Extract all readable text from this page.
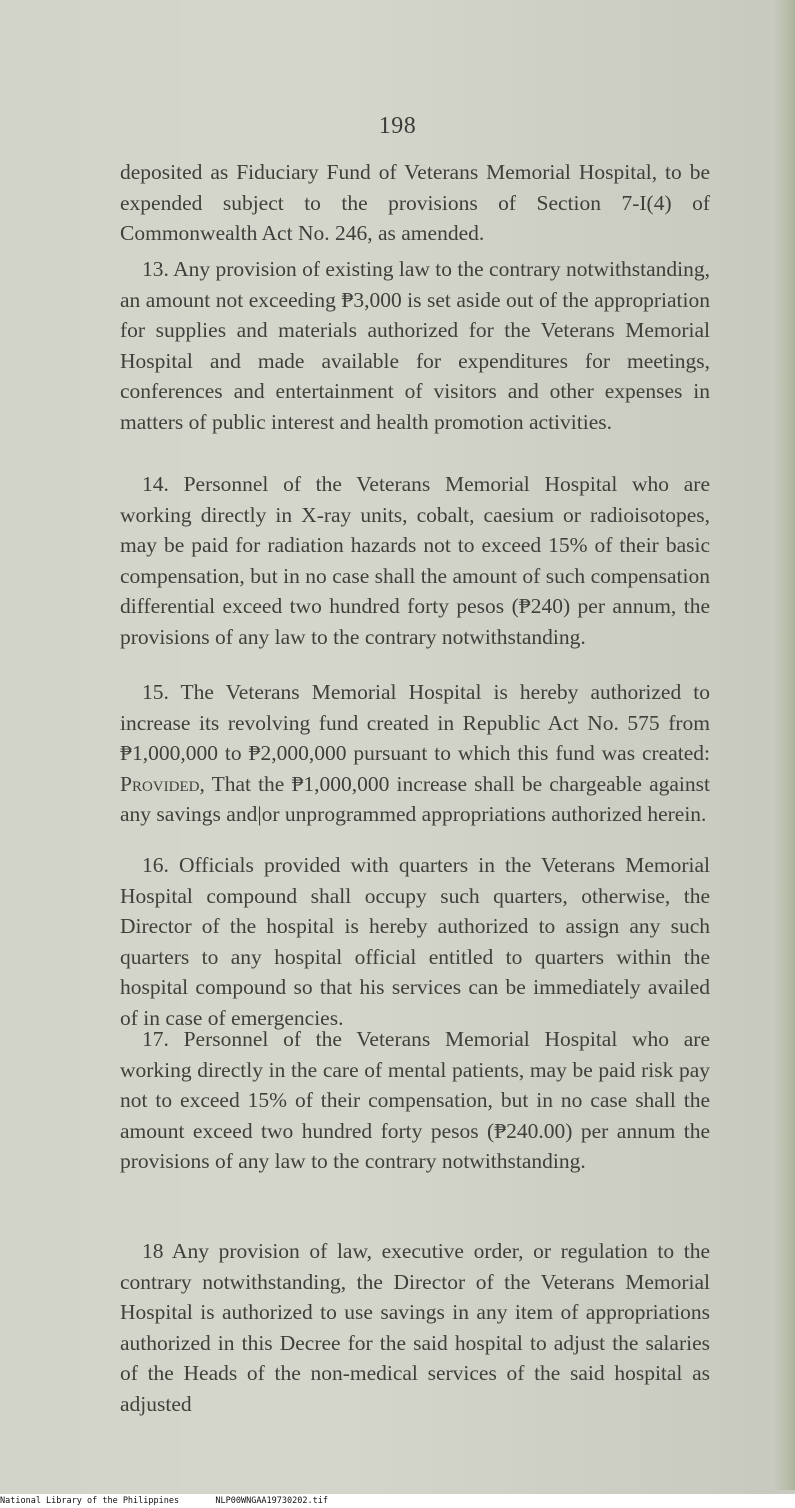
198

deposited as Fiduciary Fund of Veterans Memorial Hospital, to be expended subject to the provisions of Section 7-I(4) of Commonwealth Act No. 246, as amended.

13. Any provision of existing law to the contrary notwithstanding, an amount not exceeding ₱3,000 is set aside out of the appropriation for supplies and materials authorized for the Veterans Memorial Hospital and made available for expenditures for meetings, conferences and entertainment of visitors and other expenses in matters of public interest and health promotion activities.

14. Personnel of the Veterans Memorial Hospital who are working directly in X-ray units, cobalt, caesium or radioisotopes, may be paid for radiation hazards not to exceed 15% of their basic compensation, but in no case shall the amount of such compensation differential exceed two hundred forty pesos (₱240) per annum, the provisions of any law to the contrary notwithstanding.

15. The Veterans Memorial Hospital is hereby authorized to increase its revolving fund created in Republic Act No. 575 from ₱1,000,000 to ₱2,000,000 pursuant to which this fund was created: Provided, That the ₱1,000,000 increase shall be chargeable against any savings and|or unprogrammed appropriations authorized herein.

16. Officials provided with quarters in the Veterans Memorial Hospital compound shall occupy such quarters, otherwise, the Director of the hospital is hereby authorized to assign any such quarters to any hospital official entitled to quarters within the hospital compound so that his services can be immediately availed of in case of emergencies.

17. Personnel of the Veterans Memorial Hospital who are working directly in the care of mental patients, may be paid risk pay not to exceed 15% of their compensation, but in no case shall the amount exceed two hundred forty pesos (₱240.00) per annum the provisions of any law to the contrary notwithstanding.

18 Any provision of law, executive order, or regulation to the contrary notwithstanding, the Director of the Veterans Memorial Hospital is authorized to use savings in any item of appropriations authorized in this Decree for the said hospital to adjust the salaries of the Heads of the non-medical services of the said hospital as adjusted

National Library of the Philippines	NLP00WNGAA19730202.tif
